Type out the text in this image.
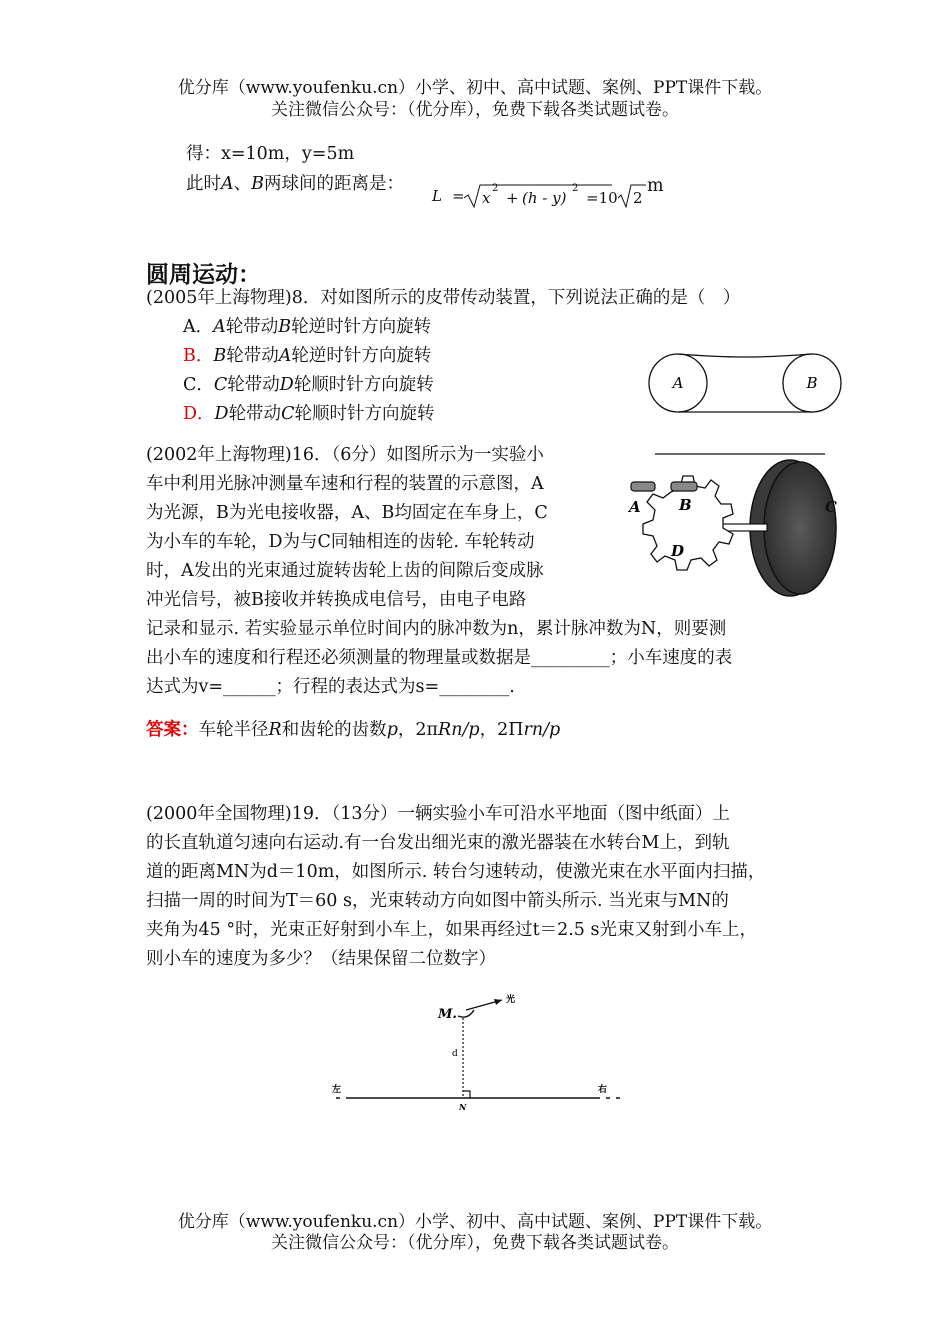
优分库（www.youfenku.cn）小学、初中、高中试题、案例、PPT课件下载。
关注微信公众号：（优分库），免费下载各类试题试卷。
得：x=10m，y=5m
此时A、B两球间的距离是：
L = x
2
+ (h - y)
2
=10 2
m
圆周运动：
(2005年上海物理)8．对如图所示的皮带传动装置，下列说法正确的是（　）
A．A轮带动B轮逆时针方向旋转
B．B轮带动A轮逆时针方向旋转
C．C轮带动D轮顺时针方向旋转
D．D轮带动C轮顺时针方向旋转
A	B
(2002年上海物理)16．（6分）如图所示为一实验小
车中利用光脉冲测量车速和行程的装置的示意图，A
为光源，B为光电接收器，A、B均固定在车身上，C
为小车的车轮，D为与C同轴相连的齿轮. 车轮转动
时，A发出的光束通过旋转齿轮上齿的间隙后变成脉
冲光信号，被B接收并转换成电信号，由电子电路
记录和显示. 若实验显示单位时间内的脉冲数为n，累计脉冲数为N，则要测
出小车的速度和行程还必须测量的物理量或数据是_________；小车速度的表
达式为v=______；行程的表达式为s=________.
A	B	C
D
答案：车轮半径R和齿轮的齿数p，2πRn/p，2Πrn/p
(2000年全国物理)19．（13分）一辆实验小车可沿水平地面（图中纸面）上
的长直轨道匀速向右运动.有一台发出细光束的激光器装在水转台M上，到轨
道的距离MN为d＝10m，如图所示. 转台匀速转动，使激光束在水平面内扫描，
扫描一周的时间为T＝60 s，光束转动方向如图中箭头所示. 当光束与MN的
夹角为45 °时，光束正好射到小车上，如果再经过t＝2.5 s光束又射到小车上，
则小车的速度为多少？（结果保留二位数字）
M.
光
d
左	右
N
优分库（www.youfenku.cn）小学、初中、高中试题、案例、PPT课件下载。
关注微信公众号：（优分库），免费下载各类试题试卷。
